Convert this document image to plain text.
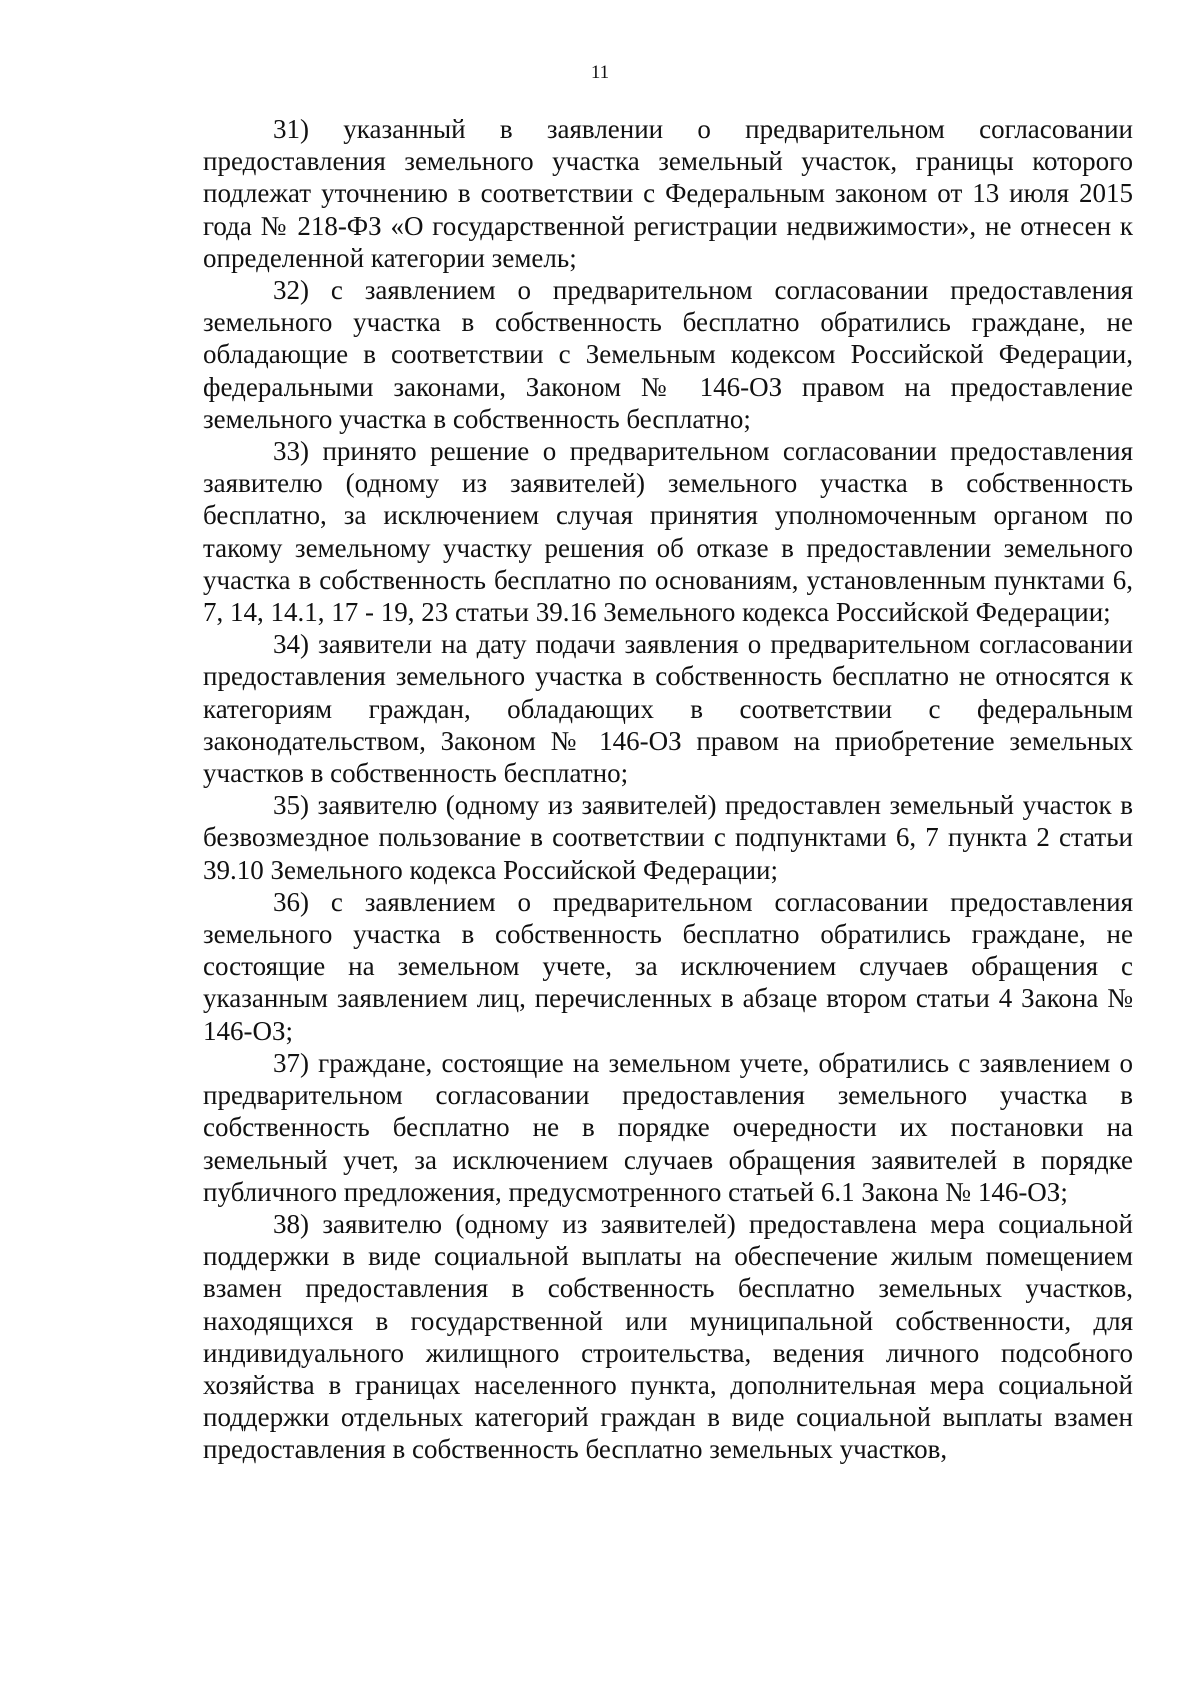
11

31) указанный в заявлении о предварительном согласовании предоставления земельного участка земельный участок, границы которого подлежат уточнению в соответствии с Федеральным законом от 13 июля 2015 года № 218-ФЗ «О государственной регистрации недвижимости», не отнесен к определенной категории земель;

32) с заявлением о предварительном согласовании предоставления земельного участка в собственность бесплатно обратились граждане, не обладающие в соответствии с Земельным кодексом Российской Федерации, федеральными законами, Законом № 146-ОЗ правом на предоставление земельного участка в собственность бесплатно;

33) принято решение о предварительном согласовании предоставления заявителю (одному из заявителей) земельного участка в собственность бесплатно, за исключением случая принятия уполномоченным органом по такому земельному участку решения об отказе в предоставлении земельного участка в собственность бесплатно по основаниям, установленным пунктами 6, 7, 14, 14.1, 17 - 19, 23 статьи 39.16 Земельного кодекса Российской Федерации;

34) заявители на дату подачи заявления о предварительном согласовании предоставления земельного участка в собственность бесплатно не относятся к категориям граждан, обладающих в соответствии с федеральным законодательством, Законом № 146-ОЗ правом на приобретение земельных участков в собственность бесплатно;

35) заявителю (одному из заявителей) предоставлен земельный участок в безвозмездное пользование в соответствии с подпунктами 6, 7 пункта 2 статьи 39.10 Земельного кодекса Российской Федерации;

36) с заявлением о предварительном согласовании предоставления земельного участка в собственность бесплатно обратились граждане, не состоящие на земельном учете, за исключением случаев обращения с указанным заявлением лиц, перечисленных в абзаце втором статьи 4 Закона № 146-ОЗ;

37) граждане, состоящие на земельном учете, обратились с заявлением о предварительном согласовании предоставления земельного участка в собственность бесплатно не в порядке очередности их постановки на земельный учет, за исключением случаев обращения заявителей в порядке публичного предложения, предусмотренного статьей 6.1 Закона № 146-ОЗ;

38) заявителю (одному из заявителей) предоставлена мера социальной поддержки в виде социальной выплаты на обеспечение жилым помещением взамен предоставления в собственность бесплатно земельных участков, находящихся в государственной или муниципальной собственности, для индивидуального жилищного строительства, ведения личного подсобного хозяйства в границах населенного пункта, дополнительная мера социальной поддержки отдельных категорий граждан в виде социальной выплаты взамен предоставления в собственность бесплатно земельных участков,
